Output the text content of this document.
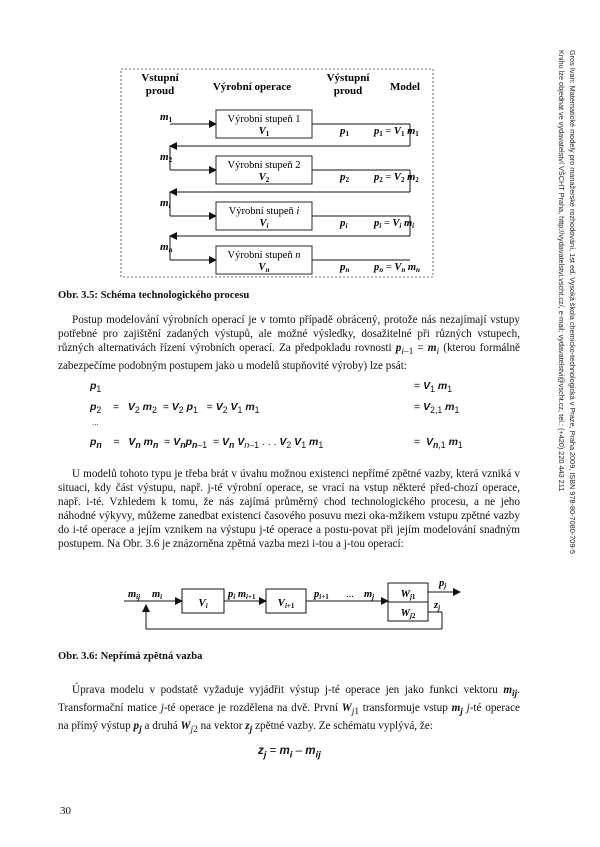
Gros Ivan: Matematické modely pro manažerské rozhodování, 1st ed. Vysoká škola chemicko-technologická v Praze, Praha 2009, ISBN 978-80-7080-709-5
Knihu lze objednat ve vydavatelství VŠCHT Praha, http://vydavatelstvi.vscht.cz/, e-mail: vydavatelstvi@vscht.cz, tel.: (+420) 220 443 211
Vstupní
proud	Výrobní operace
Výstupní
proud	Model
Výrobní stupeň 1
V1
Výrobní stupeň 2
V2
Výrobní stupeň i
Vi
Výrobní stupeň n
Vn
m1
m2
mi
mn
p1
p2
pi
pn
p1 = V1 m1
p2 = V2 m2
pi = Vi mi
pn = Vn mn
Obr. 3.5: Schéma technologického procesu
Postup modelování výrobních operací je v tomto případě obrácený, protože nás nezajímají vstupy potřebné pro zajištění zadaných výstupů, ale možné výsledky, dosažitelné při různých vstupech, různých alternativách řízení výrobních operací. Za předpokladu rovnosti $p_{i-1} = m_i$ (kterou formálně zabezpečíme podobným postupem jako u modelů stupňovité výroby) lze psát:
$p_1$	= $V_1$ $m_1$
$p_2$    =   $V_2$ $m_2 = V_2$ $p_1 = V_2$ $V_1$ $m_1$	= $V_{2,1}$ $m_1$
...
$p_n$    =   $V_n$ $m_n = V_np_{n-1} = V_n$ $V_{n-1}$ . . . $V_2$ $V_1$ $m_1$	=  $V_{n,1}$ $m_1$
U modelů tohoto typu je třeba brát v úvahu možnou existenci nepřímé zpětné vazby, která vzniká v situaci, kdy část výstupu, např. j-té výrobní operace, se vrací na vstup některé před-chozí operace, např. i-té. Vzhledem k tomu, že nás zajímá průměrný chod technologického procesu, a ne jeho náhodné výkyvy, můžeme zanedbat existenci časového posuvu mezi oka-mžikem vstupu zpětné vazby do i-té operace a jejím vznikem na výstupu j-té operace a postu-povat při jejím modelování snadným postupem. Na Obr. 3.6 je znázorněna zpětná vazba mezi i-tou a j-tou operací:
mij mi	Vi
pi mi+1 Vi+1
pi+1 ... mj	Wj1
Wj2
pj
zj
Obr. 3.6: Nepřímá zpětná vazba
Úprava modelu v podstatě vyžaduje vyjádřit výstup j-té operace jen jako funkci vektoru $m_{ij}$. Transformační matice j-té operace je rozdělena na dvě. První $W_{j1}$ transformuje vstup $m_j$ j-té operace na přímý výstup $p_j$ a druhá $W_{j2}$ na vektor $z_j$ zpětné vazby. Ze schématu vyplývá, že:
$z_j = m_i - m_{ij}$
30
